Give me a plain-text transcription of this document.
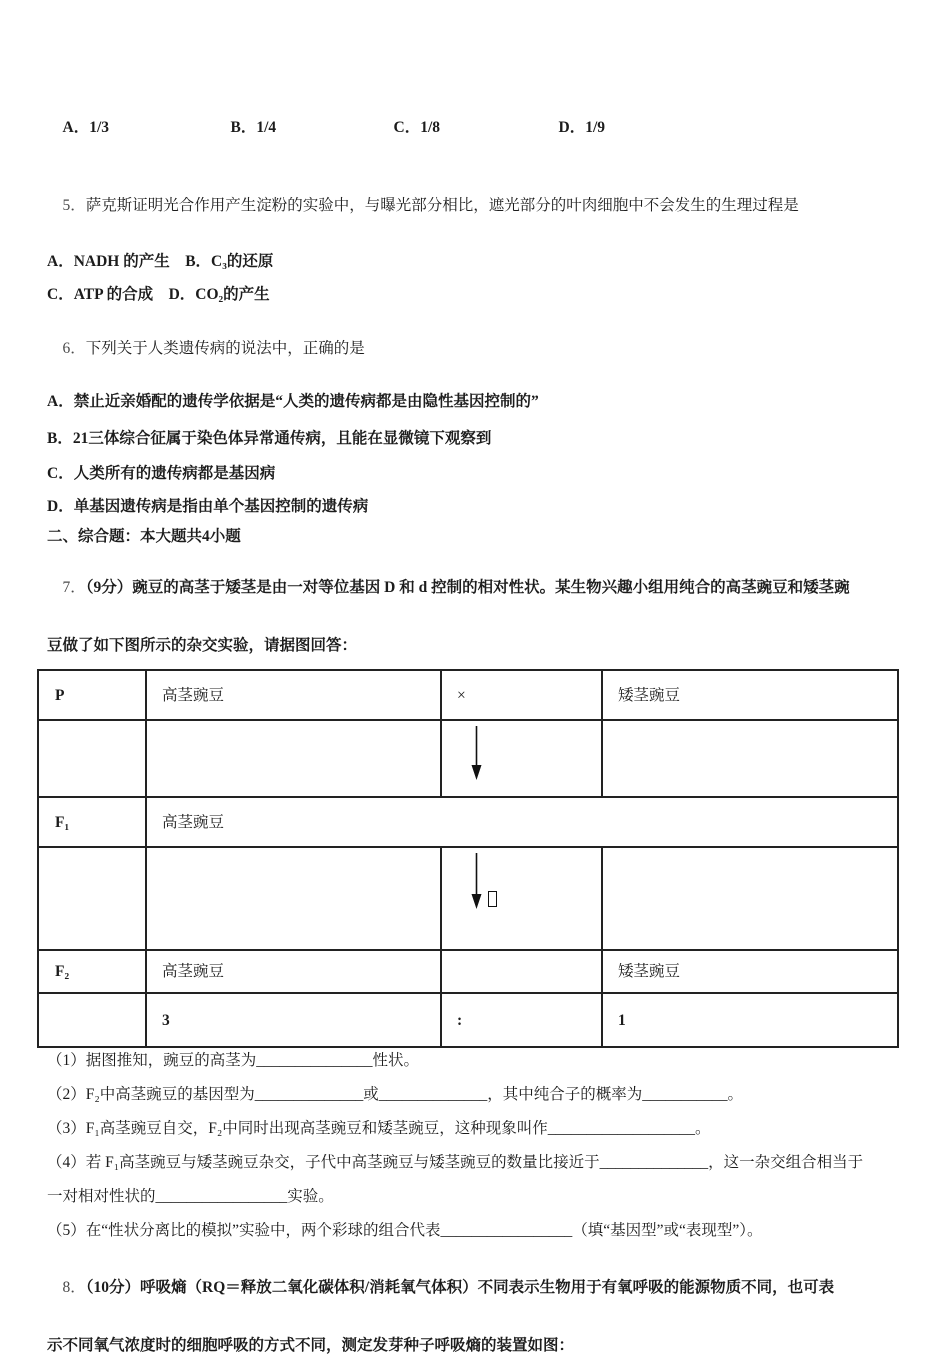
A．1/3	B．1/4	C．1/8	D．1/9

5．萨克斯证明光合作用产生淀粉的实验中，与曝光部分相比，遮光部分的叶肉细胞中不会发生的生理过程是

A．NADH 的产生　B．C₃的还原
C．ATP 的合成　D．CO₂的产生

6．下列关于人类遗传病的说法中，正确的是

A．禁止近亲婚配的遗传学依据是“人类的遗传病都是由隐性基因控制的”
B．21三体综合征属于染色体异常通传病，且能在显微镜下观察到
C．人类所有的遗传病都是基因病
D．单基因遗传病是指由单个基因控制的遗传病
二、综合题：本大题共4小题

7．（9分）豌豆的高茎于矮茎是由一对等位基因 D 和 d 控制的相对性状。某生物兴趣小组用纯合的高茎豌豆和矮茎豌

豆做了如下图所示的杂交实验，请据图回答：
P	高茎豌豆	×	矮茎豌豆

F₁	高茎豌豆		

F₂	高茎豌豆		矮茎豌豆
	3	:	1
（1）据图推知，豌豆的高茎为_______________性状。
（2）F₂中高茎豌豆的基因型为______________或______________，其中纯合子的概率为___________。
（3）F₁高茎豌豆自交，F₂中同时出现高茎豌豆和矮茎豌豆，这种现象叫作___________________。
（4）若 F₁高茎豌豆与矮茎豌豆杂交，子代中高茎豌豆与矮茎豌豆的数量比接近于______________，这一杂交组合相当于
一对相对性状的_________________实验。
（5）在“性状分离比的模拟”实验中，两个彩球的组合代表_________________（填“基因型”或“表现型”）。

8．（10分）呼吸熵（RQ＝释放二氧化碳体积/消耗氧气体积）不同表示生物用于有氧呼吸的能源物质不同，也可表

示不同氧气浓度时的细胞呼吸的方式不同，测定发芽种子呼吸熵的装置如图：
